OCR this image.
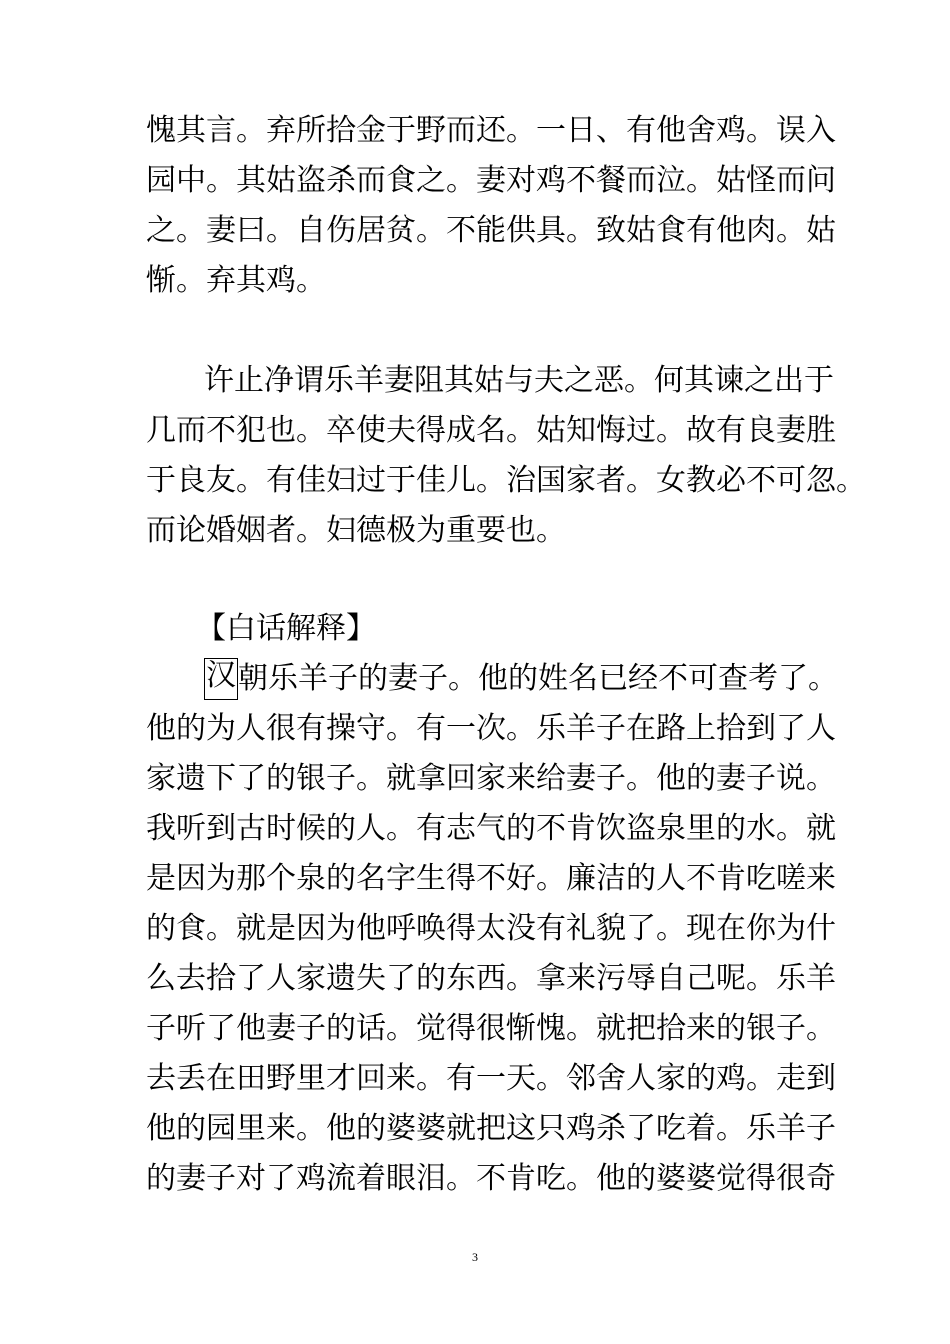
愧其言。弃所拾金于野而还。一日、有他舍鸡。误入
园中。其姑盗杀而食之。妻对鸡不餐而泣。姑怪而问
之。妻曰。自伤居贫。不能供具。致姑食有他肉。姑
惭。弃其鸡。
许止净谓乐羊妻阻其姑与夫之恶。何其谏之出于
几而不犯也。卒使夫得成名。姑知悔过。故有良妻胜
于良友。有佳妇过于佳儿。治国家者。女教必不可忽。
而论婚姻者。妇德极为重要也。
【白话解释】
汉朝乐羊子的妻子。他的姓名已经不可查考了。
他的为人很有操守。有一次。乐羊子在路上拾到了人
家遗下了的银子。就拿回家来给妻子。他的妻子说。
我听到古时候的人。有志气的不肯饮盗泉里的水。就
是因为那个泉的名字生得不好。廉洁的人不肯吃嗟来
的食。就是因为他呼唤得太没有礼貌了。现在你为什
么去拾了人家遗失了的东西。拿来污辱自己呢。乐羊
子听了他妻子的话。觉得很惭愧。就把拾来的银子。
去丢在田野里才回来。有一天。邻舍人家的鸡。走到
他的园里来。他的婆婆就把这只鸡杀了吃着。乐羊子
的妻子对了鸡流着眼泪。不肯吃。他的婆婆觉得很奇
3
